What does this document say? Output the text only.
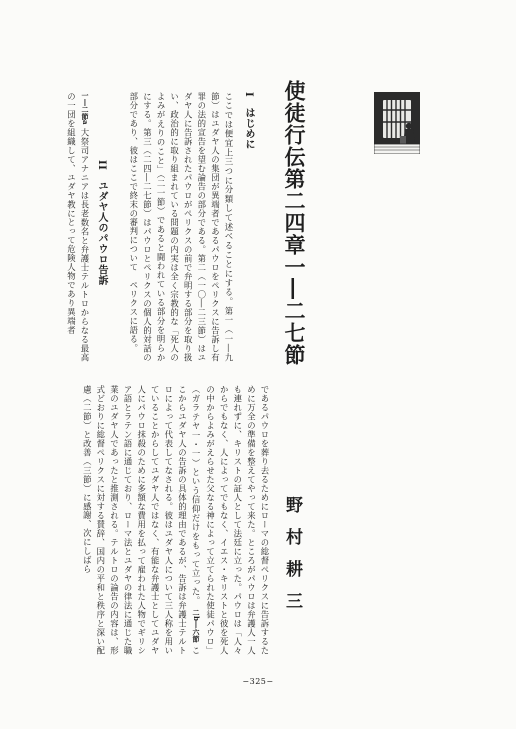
使徒行伝第二四章一―二七節
I　はじめに

ここでは便宜上三つに分類して述べることにする。第一（一―九節）はユダヤ人の集団が異端者であるパウロをペリクスに告訴し有罪の法的宣告を望む論告の部分である。第二（一〇―二三節）はユダヤ人に告訴されたパウロがペリクスの前で弁明する部分を取り扱い、政治的に取り組まれている問題の内実は全く宗教的な「死人のよみがえりのこと」（二一節）であると闘われている部分を明らかにする。第三（二四―二七節）はパウロとペリクスの個人的対話の部分であり、彼はここで終末の審判について　ペリクスに語る。

II　ユダヤ人のパウロ告訴
一―二節a 大祭司アナニアは長老数名と弁護士テルトロからなる最高の一団を組織して、ユダヤ教にとって危険人物であり異端者
であるパウロを葬り去るためにローマの総督ペリクスに告訴するために万全の準備を整えてやって来た。ところがパウロは弁護人一人も連れずに、キリストの証人として法廷に立った。パウロは「人々からでもなく、人によってでもなく、イエス・キリストと彼を死人の中からよみがえらせた父なる神によって立てられた使徒パウロ」（ガラテヤ一・一）という信仰だけをもって立った。 二b―六節 ここからユダヤ人の告訴の具体的理由であるが、告訴は弁護士テルトロによって代表してなされる。彼はユダヤ人について三人称を用いていることからしてユダヤ人ではなく、有能な弁護士としてユダヤ人にパウロ抹殺のために多額な費用を払って雇われた人物でギリシア語とラテン語に通じており、ローマ法とユダヤの律法に通じた職業のユダヤ人であったと推測される。テルトロの論告の内容は、形式どおりに総督ペリクスに対する賛辞、国内の平和と秩序と深い配慮（二節）と改善（三節）に感謝、次にしばら	野村耕三
−325−
